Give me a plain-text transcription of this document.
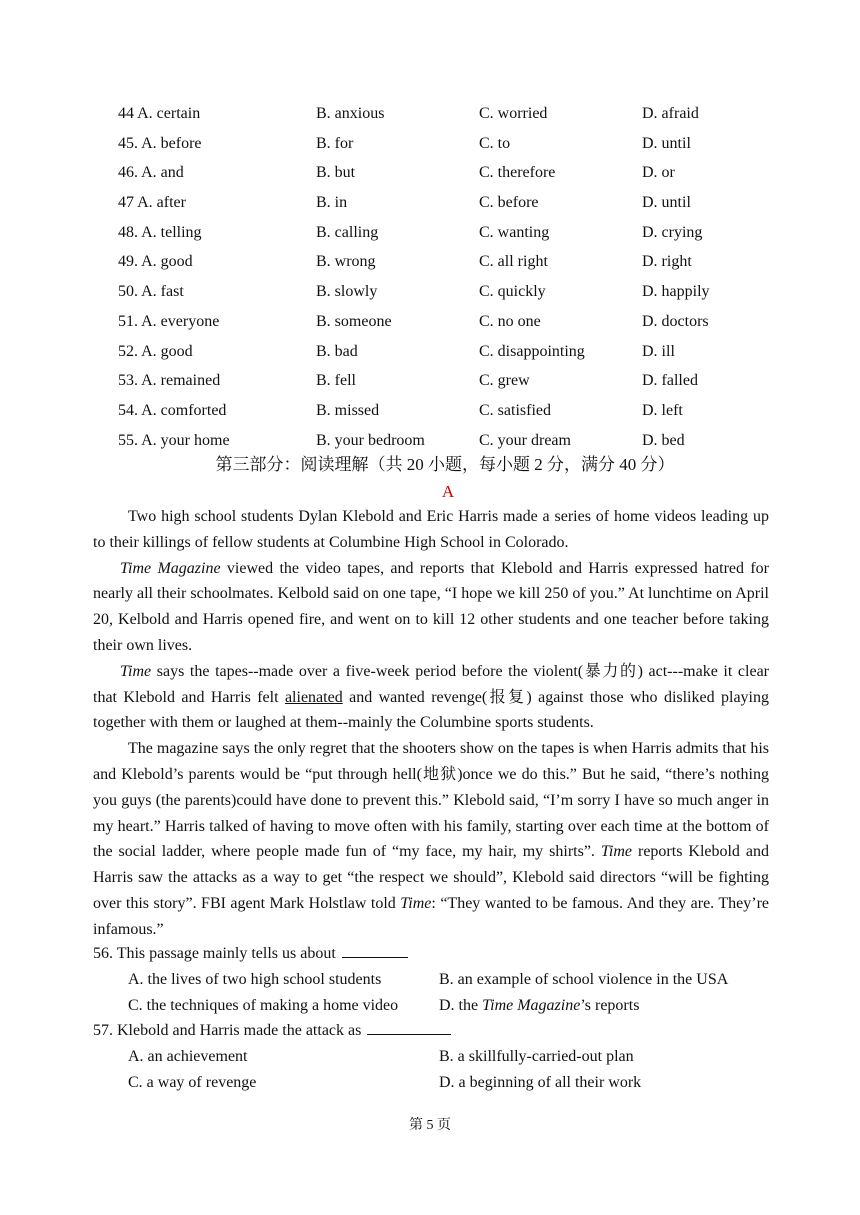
44 A. certain	B. anxious	C. worried	D. afraid
45. A. before	B. for	C. to	D. until
46. A. and	B. but	C. therefore	D. or
47 A. after	B. in	C. before	D. until
48. A. telling	B. calling	C. wanting	D. crying
49. A. good	B. wrong	C. all right	D. right
50. A. fast	B. slowly	C. quickly	D. happily
51. A. everyone	B. someone	C. no one	D. doctors
52. A. good	B. bad	C. disappointing	D. ill
53. A. remained	B. fell	C. grew	D. falled
54. A. comforted	B. missed	C. satisfied	D. left
55. A. your home	B. your bedroom	C. your dream	D. bed
第三部分：阅读理解（共 20 小题，每小题 2 分，满分 40 分）
A

Two high school students Dylan Klebold and Eric Harris made a series of home videos leading up to their killings of fellow students at Columbine High School in Colorado.

Time Magazine viewed the video tapes, and reports that Klebold and Harris expressed hatred for nearly all their schoolmates. Kelbold said on one tape, “I hope we kill 250 of you.” At lunchtime on April 20, Kelbold and Harris opened fire, and went on to kill 12 other students and one teacher before taking their own lives.

Time says the tapes--made over a five-week period before the violent(暴力的) act---make it clear that Klebold and Harris felt alienated and wanted revenge(报复) against those who disliked playing together with them or laughed at them--mainly the Columbine sports students.

The magazine says the only regret that the shooters show on the tapes is when Harris admits that his and Klebold’s parents would be “put through hell(地狱)once we do this.” But he said, “there’s nothing you guys (the parents)could have done to prevent this.” Klebold said, “I’m sorry I have so much anger in my heart.” Harris talked of having to move often with his family, starting over each time at the bottom of the social ladder, where people made fun of “my face, my hair, my shirts”. Time reports Klebold and Harris saw the attacks as a way to get “the respect we should”, Klebold said directors “will be fighting over this story”. FBI agent Mark Holstlaw told Time: “They wanted to be famous. And they are. They’re infamous.”

56. This passage mainly tells us about
A. the lives of two high school students	B. an example of school violence in the USA
C. the techniques of making a home video	D. the Time Magazine’s reports
57. Klebold and Harris made the attack as
A. an achievement	B. a skillfully-carried-out plan
C. a way of revenge	D. a beginning of all their work
第 5 页
